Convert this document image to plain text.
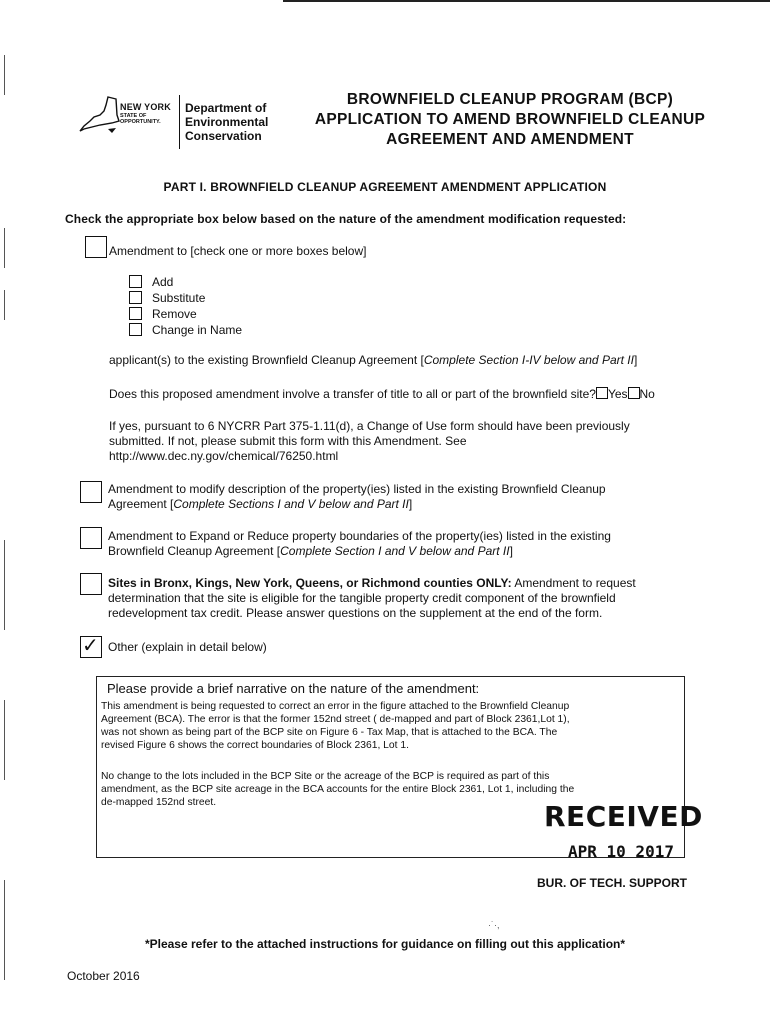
NEW YORK
STATE OF OPPORTUNITY.
Department of
Environmental
Conservation
BROWNFIELD CLEANUP PROGRAM (BCP)
APPLICATION TO AMEND BROWNFIELD CLEANUP
AGREEMENT AND AMENDMENT
PART I. BROWNFIELD CLEANUP AGREEMENT AMENDMENT APPLICATION
Check the appropriate box below based on the nature of the amendment modification requested:
Amendment to [check one or more boxes below]
Add
Substitute
Remove
Change in Name
applicant(s) to the existing Brownfield Cleanup Agreement [Complete Section I-IV below and Part II]
Does this proposed amendment involve a transfer of title to all or part of the brownfield site? Yes No
If yes, pursuant to 6 NYCRR Part 375-1.11(d), a Change of Use form should have been previously
submitted. If not, please submit this form with this Amendment. See
http://www.dec.ny.gov/chemical/76250.html
Amendment to modify description of the property(ies) listed in the existing Brownfield Cleanup
Agreement [Complete Sections I and V below and Part II]
Amendment to Expand or Reduce property boundaries of the property(ies) listed in the existing
Brownfield Cleanup Agreement [Complete Section I and V below and Part II]
Sites in Bronx, Kings, New York, Queens, or Richmond counties ONLY: Amendment to request
determination that the site is eligible for the tangible property credit component of the brownfield
redevelopment tax credit. Please answer questions on the supplement at the end of the form.
✓ Other (explain in detail below)
Please provide a brief narrative on the nature of the amendment:
This amendment is being requested to correct an error in the figure attached to the Brownfield Cleanup
Agreement (BCA). The error is that the former 152nd street ( de-mapped and part of Block 2361,Lot 1),
was not shown as being part of the BCP site on Figure 6 - Tax Map, that is attached to the BCA. The
revised Figure 6 shows the correct boundaries of Block 2361, Lot 1.
No change to the lots included in the BCP Site or the acreage of the BCP is required as part of this
amendment, as the BCP site acreage in the BCA accounts for the entire Block 2361, Lot 1, including the
de-mapped 152nd street.	RECEIVED
APR 10 2017
BUR. OF TECH. SUPPORT
·˙·,
*Please refer to the attached instructions for guidance on filling out this application*
October 2016
